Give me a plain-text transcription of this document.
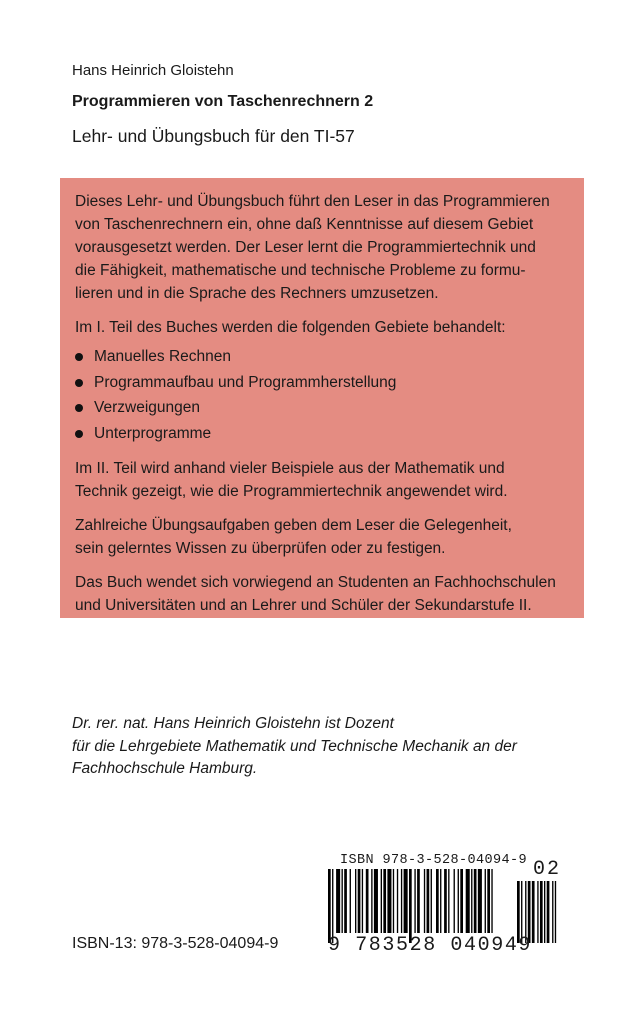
Hans Heinrich Gloistehn
Programmieren von Taschenrechnern 2
Lehr- und Übungsbuch für den TI-57

Dieses Lehr- und Übungsbuch führt den Leser in das Programmieren
von Taschenrechnern ein, ohne daß Kenntnisse auf diesem Gebiet
vorausgesetzt werden. Der Leser lernt die Programmiertechnik und
die Fähigkeit, mathematische und technische Probleme zu formu-
lieren und in die Sprache des Rechners umzusetzen.

Im I. Teil des Buches werden die folgenden Gebiete behandelt:

Manuelles Rechnen
Programmaufbau und Programmherstellung
Verzweigungen
Unterprogramme

Im II. Teil wird anhand vieler Beispiele aus der Mathematik und
Technik gezeigt, wie die Programmiertechnik angewendet wird.

Zahlreiche Übungsaufgaben geben dem Leser die Gelegenheit,
sein gelerntes Wissen zu überprüfen oder zu festigen.

Das Buch wendet sich vorwiegend an Studenten an Fachhochschulen
und Universitäten und an Lehrer und Schüler der Sekundarstufe II.

Dr. rer. nat. Hans Heinrich Gloistehn ist Dozent
für die Lehrgebiete Mathematik und Technische Mechanik an der
Fachhochschule Hamburg.
ISBN-13: 978-3-528-04094-9
ISBN 978-3-528-04094-9 02
9 783528 040949
